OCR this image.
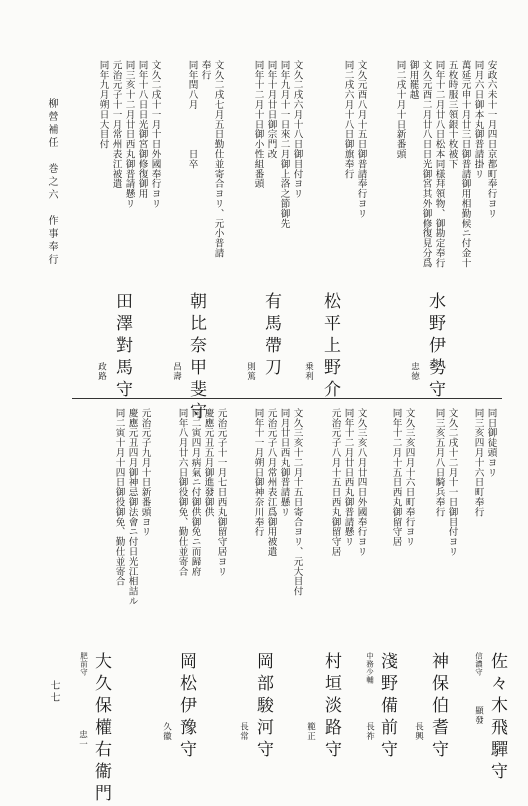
柳營補任　巻之六　作事奉行
七七
安政六未十一月四日京都町奉行ヨリ
同月六日御本丸御普請掛リ
萬延元申十月廿三日御普請御用相勤候ニ付金十
五枚時服三領銀十枚被下
同年十二月廿八日松本同様拜領物、御勘定奉行
文久元酉二月廿八日日光御宮其外御修復見分爲
御用罷越
同二戌十月十日新番頭
水野伊勢守
忠徳
文久元酉八月十五日御普請奉行ヨリ
同二戌六月十八日御旗奉行
松平上野介
乗利
文久二戌六月十八日御目付ヨリ
同年九月十一日來二月御上洛之節御先
同年十月廿日御宗門改
同年十二月十日御小性組番頭
有馬帶刀
則篤
文久二戌七月五日勤仕並寄合ヨリ、元小普請
奉行
同年閏八月　　　　日卒
朝比奈甲斐守
昌壽
文久二戌十一月十日外國奉行ヨリ
同年十八日日光御宮御修復御用
同三亥十二月廿日西丸御普請懸リ
元治元子十一月常州表江被遣
同年九月朔日大目付
田澤對馬守
政路
同日御徒頭ヨリ
同三亥四月十六日町奉行
信濃守 佐々木飛驒守
顯發
文久二戌十二月十一日御目付ヨリ
同三亥五月八日騎兵奉行
神保伯耆守
長興
文久三亥四月十六日町奉行ヨリ
同年十二月十五日西丸御留守居
中務少輔 淺野備前守
長祚
文久三亥八月廿四日外國奉行ヨリ
同年十二月廿日西丸御普請懸リ
元治元子八月十五日西丸御留守居
村垣淡路守
範正
文久三亥十二月十五日寄合ヨリ、元大目付
同月廿日西丸御普請懸リ
元治元子八月常州表江爲御用被遣
同年十一月朔日御神奈川奉行
岡部駿河守
長常
元治元子十一月七日西丸御留守居ヨリ
慶應元丑五月御進發御供
同二寅四月病氣ニ付御供御免ニ而歸府
同年八月廿六日御役御免、勤仕並寄合
岡松伊豫守
久徽
元治元子九月十日新番頭ヨリ
慶應元丑四月御神忌御法會ニ付日光江相詰ル
同二寅十月十四日御役御免、勤仕並寄合
肥前守 大久保權右衞門
忠一
